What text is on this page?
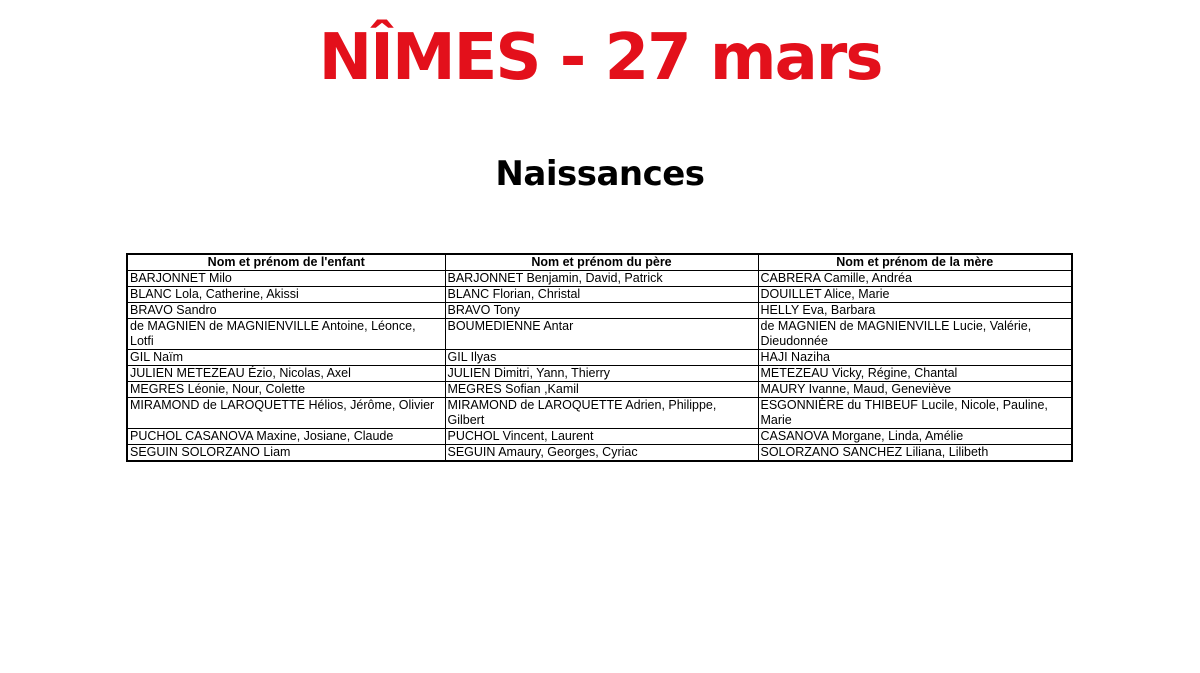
NÎMES - 27 mars
Naissances
Nom et prénom de l'enfant	Nom et prénom du père	Nom et prénom de la mère
BARJONNET Milo	BARJONNET Benjamin, David, Patrick	CABRERA Camille, Andréa
BLANC Lola, Catherine, Akissi	BLANC Florian, Christal	DOUILLET Alice, Marie
BRAVO Sandro	BRAVO Tony	HELLY Eva, Barbara
de MAGNIEN de MAGNIENVILLE Antoine, Léonce, Lotfi	BOUMEDIENNE Antar	de MAGNIEN de MAGNIENVILLE Lucie, Valérie, Dieudonnée
GIL Naïm	GIL Ilyas	HAJI Naziha
JULIEN METEZEAU Ézio, Nicolas, Axel	JULIEN Dimitri, Yann, Thierry	METEZEAU Vicky, Régine, Chantal
MEGRES Léonie, Nour, Colette	MEGRES Sofian ,Kamil	MAURY Ivanne, Maud, Geneviève
MIRAMOND de LAROQUETTE Hélios, Jérôme, Olivier	MIRAMOND de LAROQUETTE Adrien, Philippe, Gilbert	ESGONNIÈRE du THIBEUF Lucile, Nicole, Pauline, Marie
PUCHOL CASANOVA Maxine, Josiane, Claude	PUCHOL Vincent, Laurent	CASANOVA Morgane, Linda, Amélie
SEGUIN SOLORZANO Liam	SEGUIN Amaury, Georges, Cyriac	SOLORZANO SANCHEZ Liliana, Lilibeth
